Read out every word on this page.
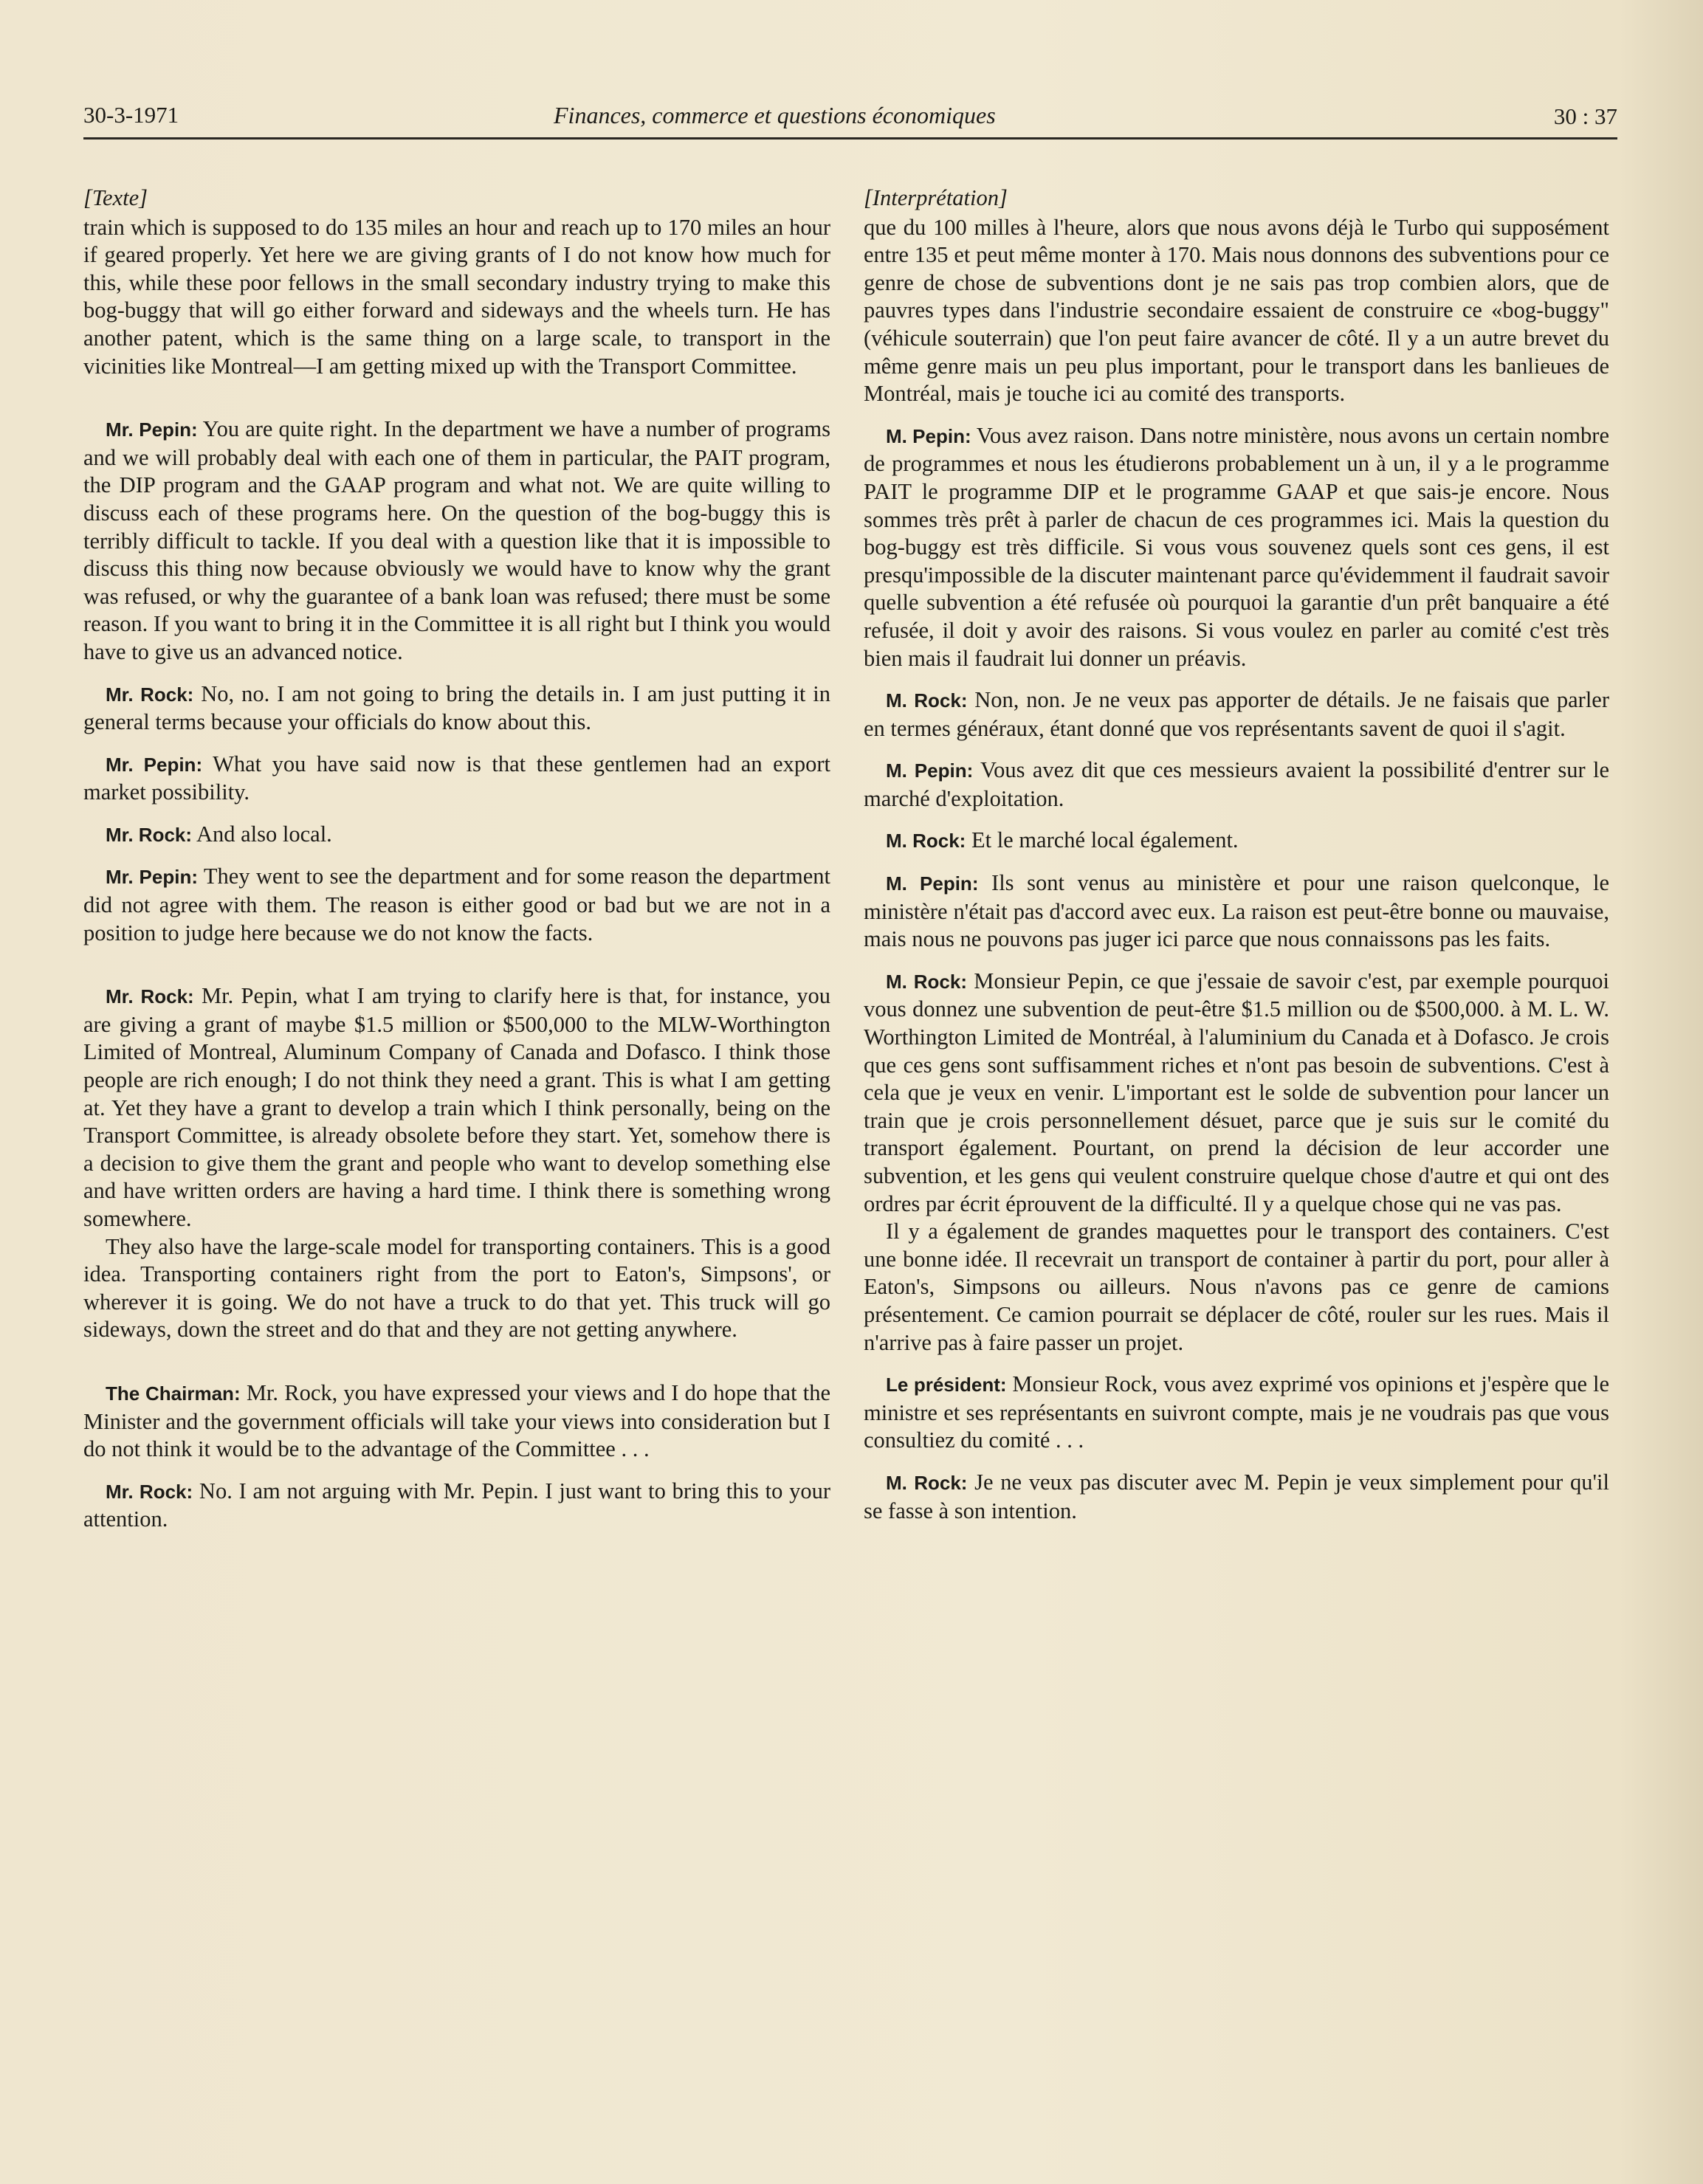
30-3-1971	Finances, commerce et questions économiques	30 : 37
[Texte]

train which is supposed to do 135 miles an hour and reach up to 170 miles an hour if geared properly. Yet here we are giving grants of I do not know how much for this, while these poor fellows in the small secondary industry trying to make this bog-buggy that will go either forward and sideways and the wheels turn. He has another patent, which is the same thing on a large scale, to transport in the vicinities like Montreal—I am getting mixed up with the Transport Committee.

Mr. Pepin: You are quite right. In the department we have a number of programs and we will probably deal with each one of them in particular, the PAIT program, the DIP program and the GAAP program and what not. We are quite willing to discuss each of these programs here. On the question of the bog-buggy this is terribly difficult to tackle. If you deal with a question like that it is impossible to discuss this thing now because obviously we would have to know why the grant was refused, or why the guarantee of a bank loan was refused; there must be some reason. If you want to bring it in the Committee it is all right but I think you would have to give us an advanced notice.

Mr. Rock: No, no. I am not going to bring the details in. I am just putting it in general terms because your officials do know about this.

Mr. Pepin: What you have said now is that these gentlemen had an export market possibility.

Mr. Rock: And also local.

Mr. Pepin: They went to see the department and for some reason the department did not agree with them. The reason is either good or bad but we are not in a position to judge here because we do not know the facts.

Mr. Rock: Mr. Pepin, what I am trying to clarify here is that, for instance, you are giving a grant of maybe $1.5 million or $500,000 to the MLW-Worthington Limited of Montreal, Aluminum Company of Canada and Dofasco. I think those people are rich enough; I do not think they need a grant. This is what I am getting at. Yet they have a grant to develop a train which I think personally, being on the Transport Committee, is already obsolete before they start. Yet, somehow there is a decision to give them the grant and people who want to develop something else and have written orders are having a hard time. I think there is something wrong somewhere.

They also have the large-scale model for transporting containers. This is a good idea. Transporting containers right from the port to Eaton's, Simpsons', or wherever it is going. We do not have a truck to do that yet. This truck will go sideways, down the street and do that and they are not getting anywhere.

The Chairman: Mr. Rock, you have expressed your views and I do hope that the Minister and the government officials will take your views into consideration but I do not think it would be to the advantage of the Committee . . .

Mr. Rock: No. I am not arguing with Mr. Pepin. I just want to bring this to your attention.

[Interprétation]

que du 100 milles à l'heure, alors que nous avons déjà le Turbo qui supposément entre 135 et peut même monter à 170. Mais nous donnons des subventions pour ce genre de chose de subventions dont je ne sais pas trop combien alors, que de pauvres types dans l'industrie secondaire essaient de construire ce «bog-buggy" (véhicule souterrain) que l'on peut faire avancer de côté. Il y a un autre brevet du même genre mais un peu plus important, pour le transport dans les banlieues de Montréal, mais je touche ici au comité des transports.

M. Pepin: Vous avez raison. Dans notre ministère, nous avons un certain nombre de programmes et nous les étudierons probablement un à un, il y a le programme PAIT le programme DIP et le programme GAAP et que sais-je encore. Nous sommes très prêt à parler de chacun de ces programmes ici. Mais la question du bog-buggy est très difficile. Si vous vous souvenez quels sont ces gens, il est presqu'impossible de la discuter maintenant parce qu'évidemment il faudrait savoir quelle subvention a été refusée où pourquoi la garantie d'un prêt banquaire a été refusée, il doit y avoir des raisons. Si vous voulez en parler au comité c'est très bien mais il faudrait lui donner un préavis.

M. Rock: Non, non. Je ne veux pas apporter de détails. Je ne faisais que parler en termes généraux, étant donné que vos représentants savent de quoi il s'agit.

M. Pepin: Vous avez dit que ces messieurs avaient la possibilité d'entrer sur le marché d'exploitation.

M. Rock: Et le marché local également.

M. Pepin: Ils sont venus au ministère et pour une raison quelconque, le ministère n'était pas d'accord avec eux. La raison est peut-être bonne ou mauvaise, mais nous ne pouvons pas juger ici parce que nous connaissons pas les faits.

M. Rock: Monsieur Pepin, ce que j'essaie de savoir c'est, par exemple pourquoi vous donnez une subvention de peut-être $1.5 million ou de $500,000. à M. L. W. Worthington Limited de Montréal, à l'aluminium du Canada et à Dofasco. Je crois que ces gens sont suffisamment riches et n'ont pas besoin de subventions. C'est à cela que je veux en venir. L'important est le solde de subvention pour lancer un train que je crois personnellement désuet, parce que je suis sur le comité du transport également. Pourtant, on prend la décision de leur accorder une subvention, et les gens qui veulent construire quelque chose d'autre et qui ont des ordres par écrit éprouvent de la difficulté. Il y a quelque chose qui ne vas pas.

Il y a également de grandes maquettes pour le transport des containers. C'est une bonne idée. Il recevrait un transport de container à partir du port, pour aller à Eaton's, Simpsons ou ailleurs. Nous n'avons pas ce genre de camions présentement. Ce camion pourrait se déplacer de côté, rouler sur les rues. Mais il n'arrive pas à faire passer un projet.

Le président: Monsieur Rock, vous avez exprimé vos opinions et j'espère que le ministre et ses représentants en suivront compte, mais je ne voudrais pas que vous consultiez du comité . . .

M. Rock: Je ne veux pas discuter avec M. Pepin je veux simplement pour qu'il se fasse à son intention.
